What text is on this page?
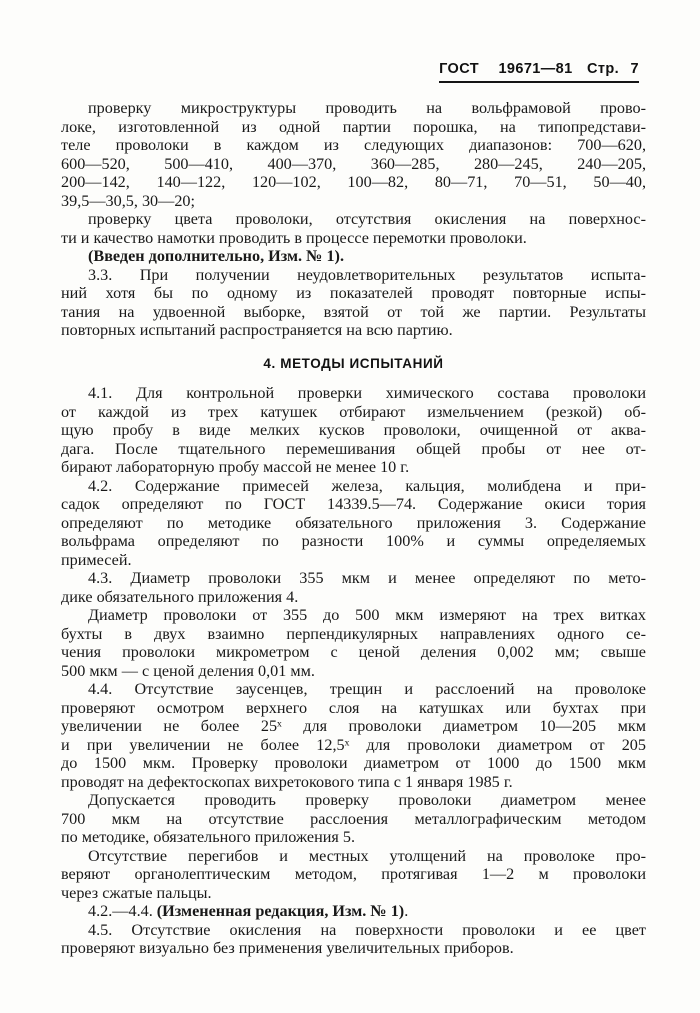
ГОСТ 19671—81 Стр. 7
проверку микроструктуры проводить на вольфрамовой прово-
локе, изготовленной из одной партии порошка, на типопредстави-
теле проволоки в каждом из следующих диапазонов: 700—620,
600—520, 500—410, 400—370, 360—285, 280—245, 240—205,
200—142, 140—122, 120—102, 100—82, 80—71, 70—51, 50—40,
39,5—30,5, 30—20;
проверку цвета проволоки, отсутствия окисления на поверхнос-
ти и качество намотки проводить в процессе перемотки проволоки.
(Введен дополнительно, Изм. № 1).
3.3. При получении неудовлетворительных результатов испыта-
ний хотя бы по одному из показателей проводят повторные испы-
тания на удвоенной выборке, взятой от той же партии. Результаты
повторных испытаний распространяется на всю партию.
4. МЕТОДЫ ИСПЫТАНИЙ
4.1. Для контрольной проверки химического состава проволоки
от каждой из трех катушек отбирают измельчением (резкой) об-
щую пробу в виде мелких кусков проволоки, очищенной от аква-
дага. После тщательного перемешивания общей пробы от нее от-
бирают лабораторную пробу массой не менее 10 г.
4.2. Содержание примесей железа, кальция, молибдена и при-
садок определяют по ГОСТ 14339.5—74. Содержание окиси тория
определяют по методике обязательного приложения 3. Содержание
вольфрама определяют по разности 100% и суммы определяемых
примесей.
4.3. Диаметр проволоки 355 мкм и менее определяют по мето-
дике обязательного приложения 4.
Диаметр проволоки от 355 до 500 мкм измеряют на трех витках
бухты в двух взаимно перпендикулярных направлениях одного се-
чения проволоки микрометром с ценой деления 0,002 мм; свыше
500 мкм — с ценой деления 0,01 мм.
4.4. Отсутствие заусенцев, трещин и расслоений на проволоке
проверяют осмотром верхнего слоя на катушках или бухтах при
увеличении не более 25ˣ для проволоки диаметром 10—205 мкм
и при увеличении не более 12,5ˣ для проволоки диаметром от 205
до 1500 мкм. Проверку проволоки диаметром от 1000 до 1500 мкм
проводят на дефектоскопах вихретокового типа с 1 января 1985 г.
Допускается проводить проверку проволоки диаметром менее
700 мкм на отсутствие расслоения металлографическим методом
по методике, обязательного приложения 5.
Отсутствие перегибов и местных утолщений на проволоке про-
веряют органолептическим методом, протягивая 1—2 м проволоки
через сжатые пальцы.
4.2.—4.4. (Измененная редакция, Изм. № 1).
4.5. Отсутствие окисления на поверхности проволоки и ее цвет
проверяют визуально без применения увеличительных приборов.
